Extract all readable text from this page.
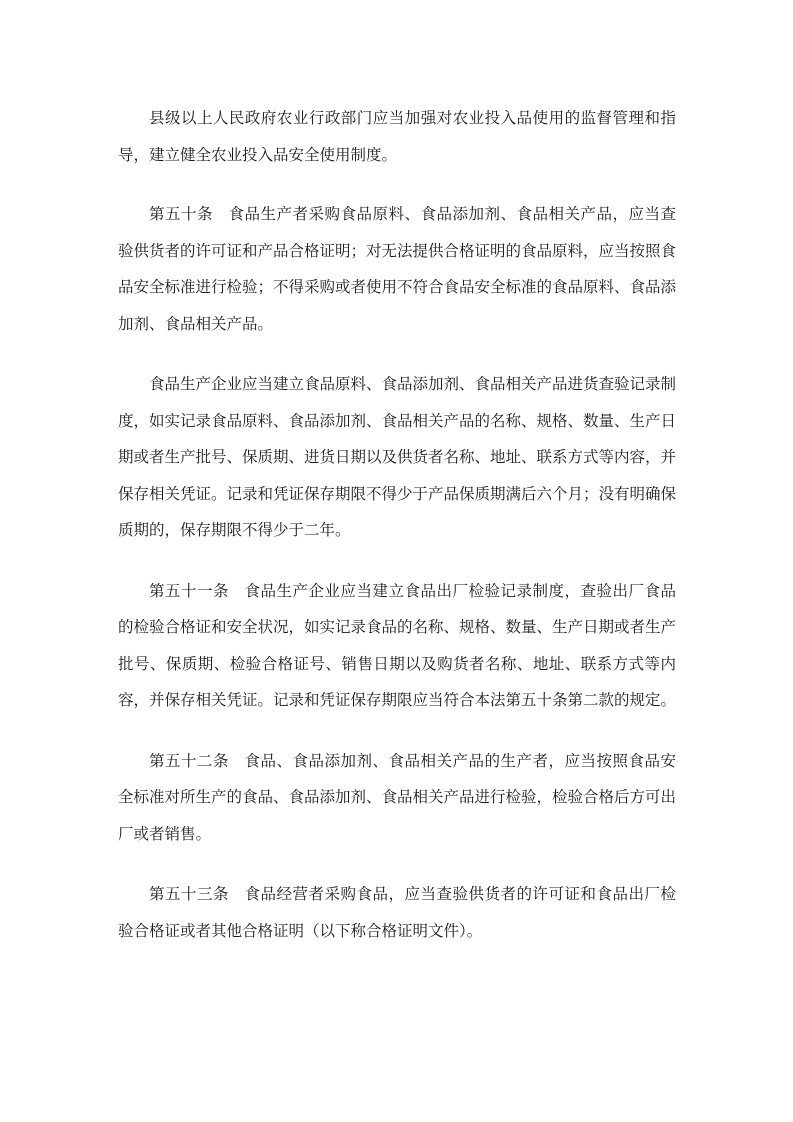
县级以上人民政府农业行政部门应当加强对农业投入品使用的监督管理和指导，建立健全农业投入品安全使用制度。

第五十条 食品生产者采购食品原料、食品添加剂、食品相关产品，应当查验供货者的许可证和产品合格证明；对无法提供合格证明的食品原料，应当按照食品安全标准进行检验；不得采购或者使用不符合食品安全标准的食品原料、食品添加剂、食品相关产品。

食品生产企业应当建立食品原料、食品添加剂、食品相关产品进货查验记录制度，如实记录食品原料、食品添加剂、食品相关产品的名称、规格、数量、生产日期或者生产批号、保质期、进货日期以及供货者名称、地址、联系方式等内容，并保存相关凭证。记录和凭证保存期限不得少于产品保质期满后六个月；没有明确保质期的，保存期限不得少于二年。

第五十一条 食品生产企业应当建立食品出厂检验记录制度，查验出厂食品的检验合格证和安全状况，如实记录食品的名称、规格、数量、生产日期或者生产批号、保质期、检验合格证号、销售日期以及购货者名称、地址、联系方式等内容，并保存相关凭证。记录和凭证保存期限应当符合本法第五十条第二款的规定。

第五十二条 食品、食品添加剂、食品相关产品的生产者，应当按照食品安全标准对所生产的食品、食品添加剂、食品相关产品进行检验，检验合格后方可出厂或者销售。

第五十三条 食品经营者采购食品，应当查验供货者的许可证和食品出厂检验合格证或者其他合格证明（以下称合格证明文件）。
